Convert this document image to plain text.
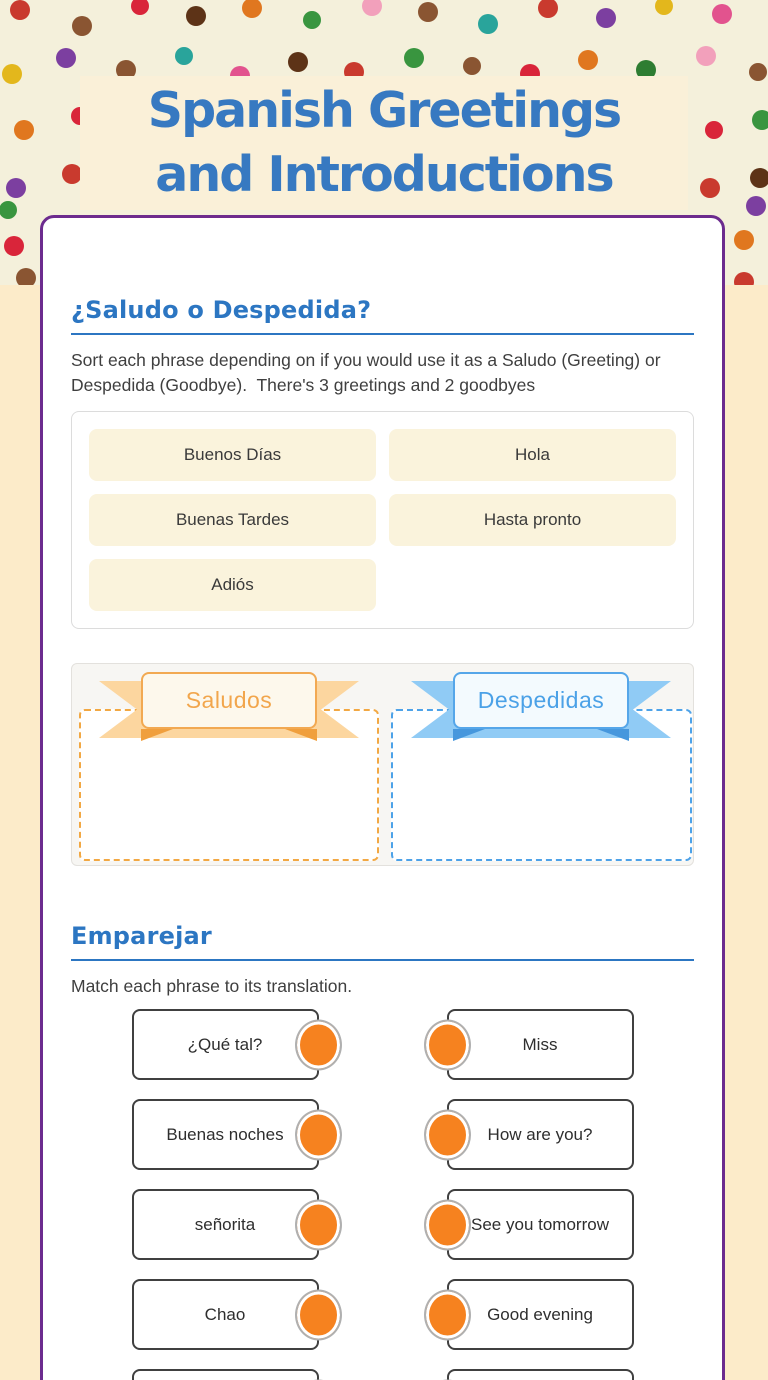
Spanish Greetings
and Introductions
¿Saludo o Despedida?

Sort each phrase depending on if you would use it as a Saludo (Greeting) or Despedida (Goodbye).  There's 3 greetings and 2 goodbyes

Buenos Días	Hola
Buenas Tardes	Hasta pronto
Adiós
Saludos	Despedidas
Emparejar

Match each phrase to its translation.

¿Qué tal?	Miss
Buenas noches	How are you?
señorita	See you tomorrow
Chao	Good evening
